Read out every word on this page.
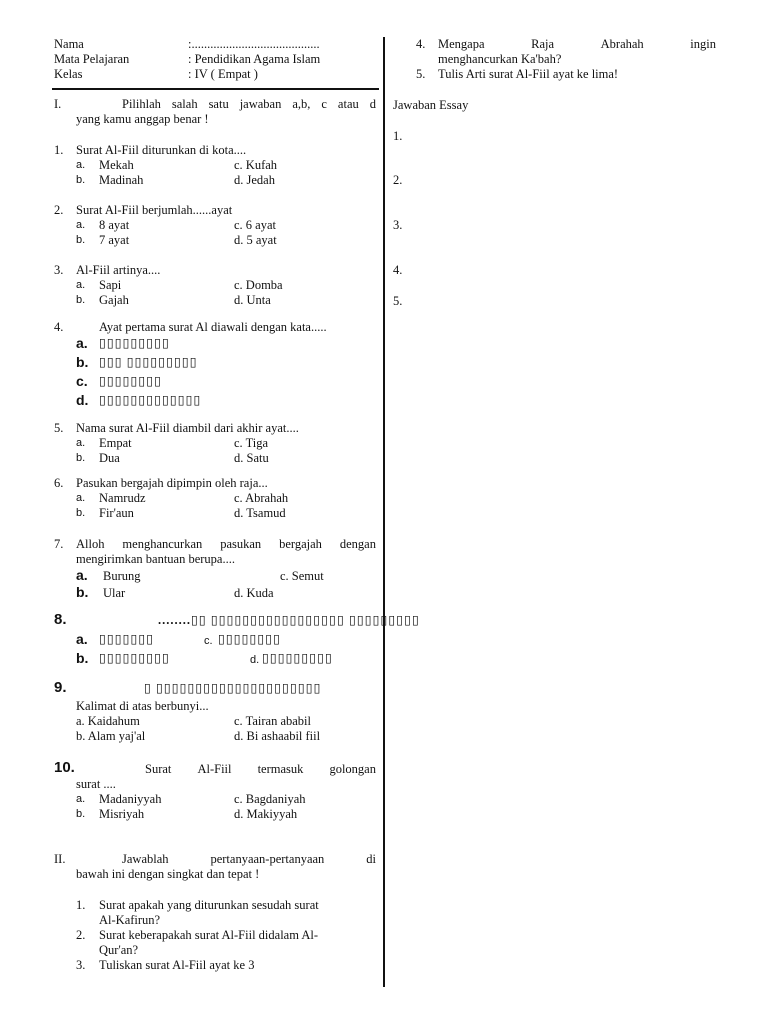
Nama	:.........................................
Mata Pelajaran	: Pendidikan Agama Islam
Kelas	: IV ( Empat )
I.	Pilihlah salah satu jawaban a,b, c atau d
yang kamu anggap benar !
1. Surat Al-Fiil diturunkan di kota....
a. Mekah	c. Kufah
b. Madinah	d. Jedah
2. Surat Al-Fiil berjumlah......ayat
a. 8 ayat	c. 6 ayat
b. 7 ayat	d. 5 ayat
3. Al-Fiil artinya....
a. Sapi	c. Domba
b. Gajah	d. Unta
4.	Ayat pertama surat Al diawali dengan kata.....
a. ▯▯▯▯▯▯▯▯▯
b. ▯▯▯ ▯▯▯▯▯▯▯▯▯
c. ▯▯▯▯▯▯▯▯
d. ▯▯▯▯▯▯▯▯▯▯▯▯▯
5. Nama surat Al-Fiil diambil dari akhir ayat....
a. Empat	c. Tiga
b. Dua	d. Satu
6. Pasukan bergajah dipimpin oleh raja...
a. Namrudz	c. Abrahah
b. Fir'aun	d. Tsamud
7. Alloh menghancurkan pasukan bergajah dengan
mengirimkan bantuan berupa....
a. Burung	c. Semut
b. Ular	d. Kuda
8.	........▯▯ ▯▯▯▯▯▯▯▯▯▯▯▯▯▯▯▯▯ ▯▯▯▯▯▯▯▯▯
a. ▯▯▯▯▯▯▯	c. ▯▯▯▯▯▯▯▯
b. ▯▯▯▯▯▯▯▯▯	d. ▯▯▯▯▯▯▯▯▯
9.	▯ ▯▯▯▯▯▯▯▯▯▯▯▯▯▯▯▯▯▯▯▯▯
Kalimat di atas berbunyi...
a. Kaidahum	c. Tairan ababil
b. Alam yaj'al	d. Bi ashaabil fiil
10.	Surat Al-Fiil termasuk golongan
surat ....
a. Madaniyyah	c. Bagdaniyah
b. Misriyah	d. Makiyyah
II.	Jawablah	pertanyaan-pertanyaan	di
bawah ini dengan singkat dan tepat !
1. Surat apakah yang diturunkan sesudah surat
Al-Kafirun?
2. Surat keberapakah surat Al-Fiil didalam Al-
Qur'an?
3. Tuliskan surat Al-Fiil ayat ke 3
4. Mengapa	Raja	Abrahah	ingin
menghancurkan Ka'bah?
5. Tulis Arti surat Al-Fiil ayat ke lima!
Jawaban Essay
1.
2.
3.
4.
5.
